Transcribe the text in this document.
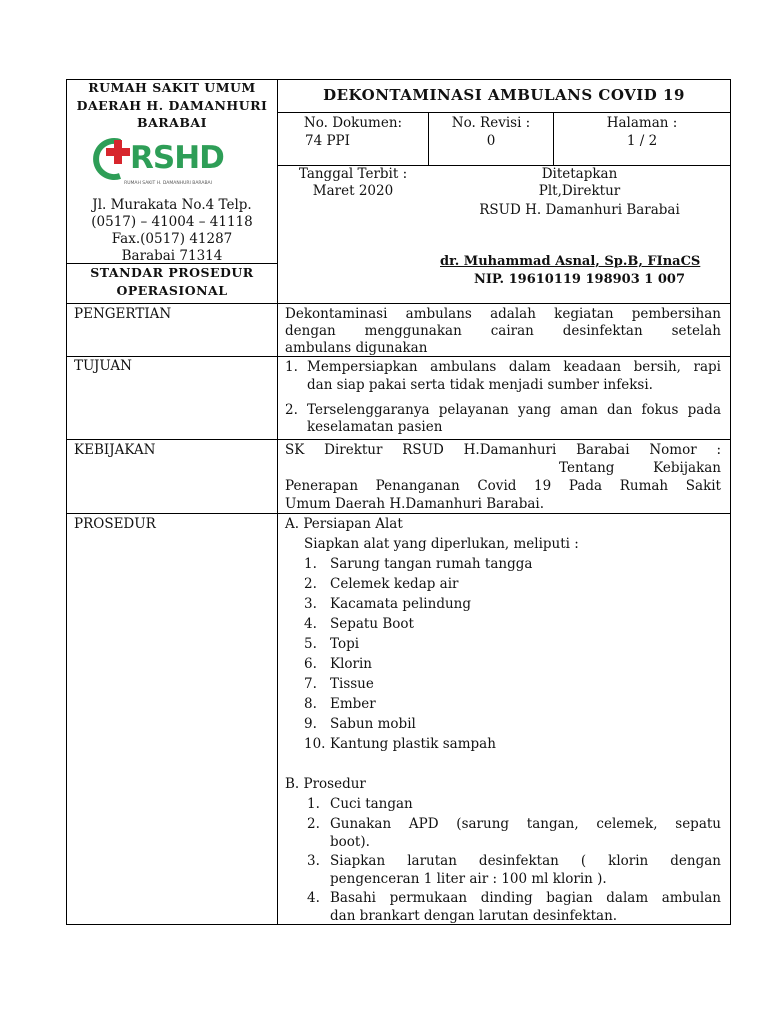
RUMAH SAKIT UMUM
DAERAH H. DAMANHURI
BARABAI
RSHD
RUMAH SAKIT H. DAMANHURI BARABAI
Jl. Murakata No.4 Telp.
(0517) – 41004 – 41118
Fax.(0517) 41287
Barabai 71314
STANDAR PROSEDUR
OPERASIONAL
DEKONTAMINASI AMBULANS COVID 19
No. Dokumen:
74 PPI
No. Revisi :
0
Halaman :
1 / 2
Tanggal Terbit :
Maret 2020
Ditetapkan
Plt,Direktur
RSUD H. Damanhuri Barabai
dr. Muhammad Asnal, Sp.B, FInaCS
NIP. 19610119 198903 1 007
PENGERTIAN	Dekontaminasi ambulans adalah kegiatan pembersihan
dengan menggunakan cairan desinfektan setelah
ambulans digunakan
TUJUAN	1. Mempersiapkan ambulans dalam keadaan bersih, rapi
dan siap pakai serta tidak menjadi sumber infeksi.
2. Terselenggaranya pelayanan yang aman dan fokus pada
keselamatan pasien
KEBIJAKAN	SK Direktur RSUD H.Damanhuri Barabai Nomor :
Tentang Kebijakan
Penerapan Penanganan Covid 19 Pada Rumah Sakit
Umum Daerah H.Damanhuri Barabai.
PROSEDUR	A. Persiapan Alat
Siapkan alat yang diperlukan, meliputi :
1. Sarung tangan rumah tangga
2. Celemek kedap air
3. Kacamata pelindung
4. Sepatu Boot
5. Topi
6. Klorin
7. Tissue
8. Ember
9. Sabun mobil
10. Kantung plastik sampah
B. Prosedur
1. Cuci tangan
2. Gunakan APD (sarung tangan, celemek, sepatu
boot).
3. Siapkan larutan desinfektan ( klorin dengan
pengenceran 1 liter air : 100 ml klorin ).
4. Basahi permukaan dinding bagian dalam ambulan
dan brankart dengan larutan desinfektan.
